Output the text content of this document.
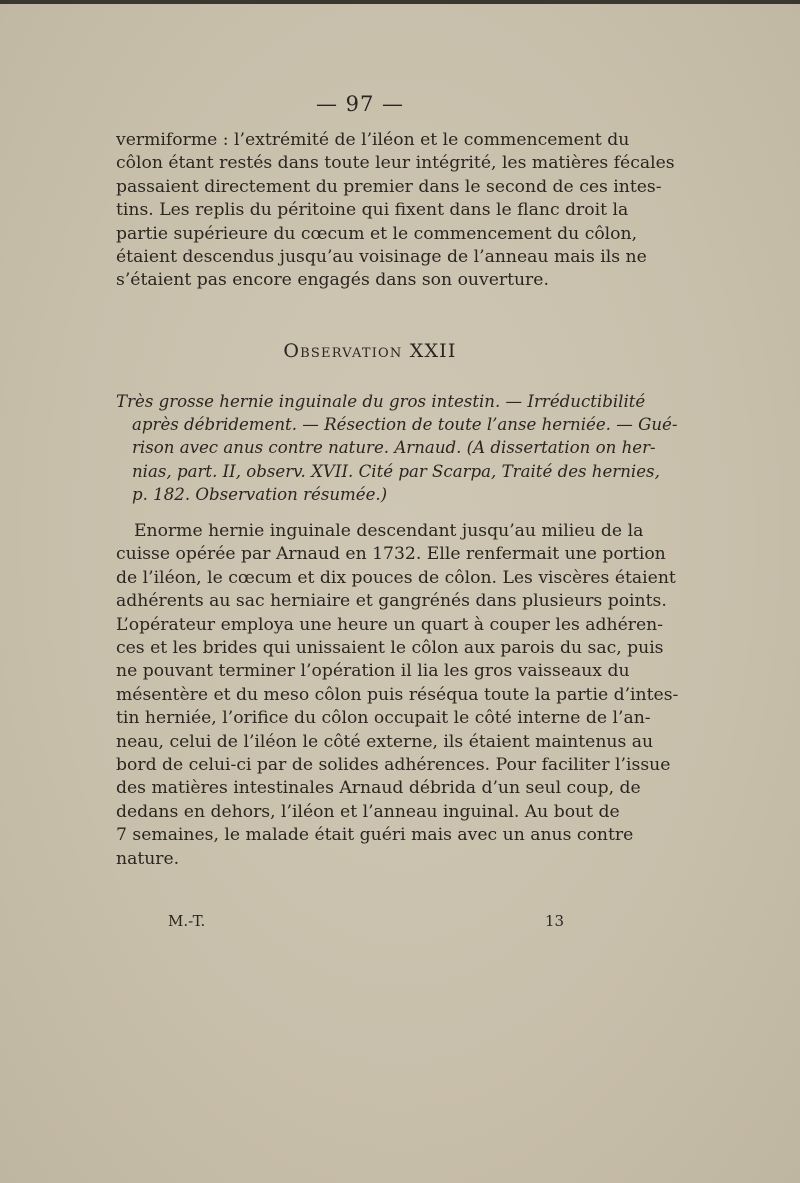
— 97 —
vermiforme : l’extrémité de l’iléon et le commencement du
côlon étant restés dans toute leur intégrité, les matières fécales
passaient directement du premier dans le second de ces intes-
tins. Les replis du péritoine qui fixent dans le flanc droit la
partie supérieure du cœcum et le commencement du côlon,
étaient descendus jusqu’au voisinage de l’anneau mais ils ne
s’étaient pas encore engagés dans son ouverture.
Observation XXII
Très grosse hernie inguinale du gros intestin. — Irréductibilité
après débridement. — Résection de toute l’anse herniée. — Gué-
rison avec anus contre nature. Arnaud. (A dissertation on her-
nias, part. II, observ. XVII. Cité par Scarpa, Traité des hernies,
p. 182. Observation résumée.)
Enorme hernie inguinale descendant jusqu’au milieu de la
cuisse opérée par Arnaud en 1732. Elle renfermait une portion
de l’iléon, le cœcum et dix pouces de côlon. Les viscères étaient
adhérents au sac herniaire et gangrénés dans plusieurs points.
L’opérateur employa une heure un quart à couper les adhéren-
ces et les brides qui unissaient le côlon aux parois du sac, puis
ne pouvant terminer l’opération il lia les gros vaisseaux du
mésentère et du meso côlon puis réséqua toute la partie d’intes-
tin herniée, l’orifice du côlon occupait le côté interne de l’an-
neau, celui de l’iléon le côté externe, ils étaient maintenus au
bord de celui-ci par de solides adhérences. Pour faciliter l’issue
des matières intestinales Arnaud débrida d’un seul coup, de
dedans en dehors, l’iléon et l’anneau inguinal. Au bout de
7 semaines, le malade était guéri mais avec un anus contre
nature.
M.-T.	13
